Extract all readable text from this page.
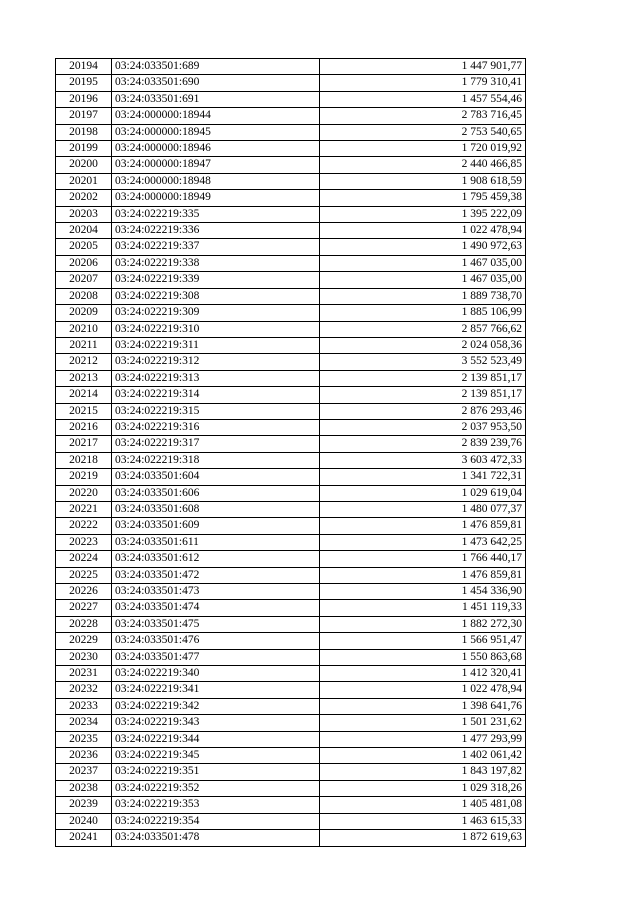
20194	03:24:033501:689	1 447 901,77
20195	03:24:033501:690	1 779 310,41
20196	03:24:033501:691	1 457 554,46
20197	03:24:000000:18944	2 783 716,45
20198	03:24:000000:18945	2 753 540,65
20199	03:24:000000:18946	1 720 019,92
20200	03:24:000000:18947	2 440 466,85
20201	03:24:000000:18948	1 908 618,59
20202	03:24:000000:18949	1 795 459,38
20203	03:24:022219:335	1 395 222,09
20204	03:24:022219:336	1 022 478,94
20205	03:24:022219:337	1 490 972,63
20206	03:24:022219:338	1 467 035,00
20207	03:24:022219:339	1 467 035,00
20208	03:24:022219:308	1 889 738,70
20209	03:24:022219:309	1 885 106,99
20210	03:24:022219:310	2 857 766,62
20211	03:24:022219:311	2 024 058,36
20212	03:24:022219:312	3 552 523,49
20213	03:24:022219:313	2 139 851,17
20214	03:24:022219:314	2 139 851,17
20215	03:24:022219:315	2 876 293,46
20216	03:24:022219:316	2 037 953,50
20217	03:24:022219:317	2 839 239,76
20218	03:24:022219:318	3 603 472,33
20219	03:24:033501:604	1 341 722,31
20220	03:24:033501:606	1 029 619,04
20221	03:24:033501:608	1 480 077,37
20222	03:24:033501:609	1 476 859,81
20223	03:24:033501:611	1 473 642,25
20224	03:24:033501:612	1 766 440,17
20225	03:24:033501:472	1 476 859,81
20226	03:24:033501:473	1 454 336,90
20227	03:24:033501:474	1 451 119,33
20228	03:24:033501:475	1 882 272,30
20229	03:24:033501:476	1 566 951,47
20230	03:24:033501:477	1 550 863,68
20231	03:24:022219:340	1 412 320,41
20232	03:24:022219:341	1 022 478,94
20233	03:24:022219:342	1 398 641,76
20234	03:24:022219:343	1 501 231,62
20235	03:24:022219:344	1 477 293,99
20236	03:24:022219:345	1 402 061,42
20237	03:24:022219:351	1 843 197,82
20238	03:24:022219:352	1 029 318,26
20239	03:24:022219:353	1 405 481,08
20240	03:24:022219:354	1 463 615,33
20241	03:24:033501:478	1 872 619,63
